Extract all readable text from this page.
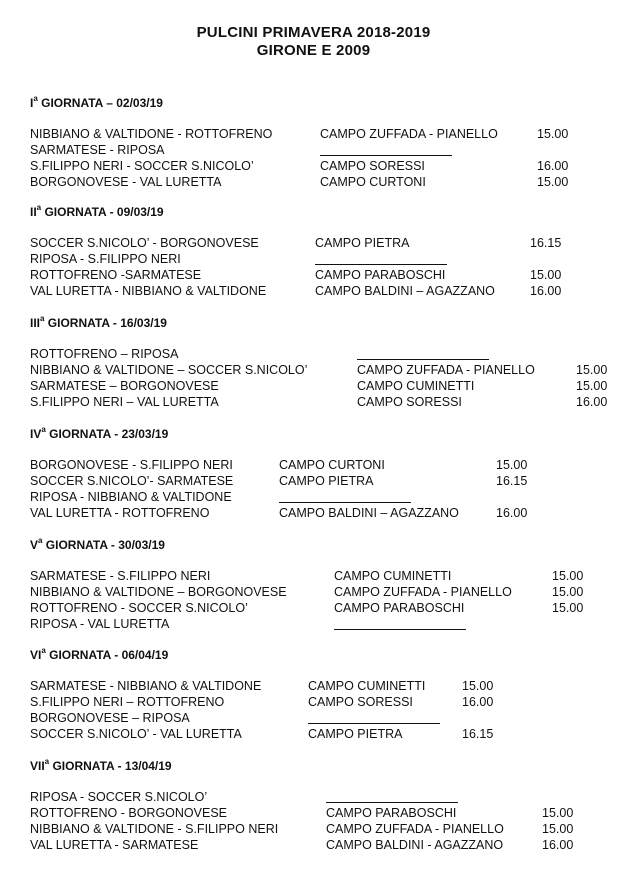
PULCINI PRIMAVERA 2018-2019
GIRONE E 2009
$I^a$ GIORNATA – 02/03/19
NIBBIANO & VALTIDONE - ROTTOFRENO	CAMPO ZUFFADA - PIANELLO	15.00
SARMATESE - RIPOSA
S.FILIPPO NERI - SOCCER S.NICOLO’	CAMPO SORESSI	16.00
BORGONOVESE - VAL LURETTA	CAMPO CURTONI	15.00
$II^a$ GIORNATA - 09/03/19
SOCCER S.NICOLO’ - BORGONOVESE	CAMPO PIETRA	16.15
RIPOSA - S.FILIPPO NERI
ROTTOFRENO -SARMATESE	CAMPO PARABOSCHI	15.00
VAL LURETTA - NIBBIANO & VALTIDONE	CAMPO BALDINI – AGAZZANO	16.00
III$^a$ GIORNATA - 16/03/19
ROTTOFRENO – RIPOSA
NIBBIANO & VALTIDONE – SOCCER S.NICOLO’	CAMPO ZUFFADA - PIANELLO	15.00
SARMATESE – BORGONOVESE	CAMPO CUMINETTI	15.00
S.FILIPPO NERI – VAL LURETTA	CAMPO SORESSI	16.00
$IV^a$ GIORNATA - 23/03/19
BORGONOVESE - S.FILIPPO NERI	CAMPO CURTONI	15.00
SOCCER S.NICOLO’- SARMATESE	CAMPO PIETRA	16.15
RIPOSA - NIBBIANO & VALTIDONE
VAL LURETTA - ROTTOFRENO	CAMPO BALDINI – AGAZZANO	16.00
$V^a$ GIORNATA - 30/03/19
SARMATESE - S.FILIPPO NERI	CAMPO CUMINETTI	15.00
NIBBIANO & VALTIDONE – BORGONOVESE	CAMPO ZUFFADA - PIANELLO	15.00
ROTTOFRENO - SOCCER S.NICOLO’	CAMPO PARABOSCHI	15.00
RIPOSA - VAL LURETTA
$VI^a$ GIORNATA - 06/04/19
SARMATESE - NIBBIANO & VALTIDONE	CAMPO CUMINETTI	15.00
S.FILIPPO NERI – ROTTOFRENO	CAMPO SORESSI	16.00
BORGONOVESE – RIPOSA
SOCCER S.NICOLO’ - VAL LURETTA	CAMPO PIETRA	16.15
VII$^a$ GIORNATA - 13/04/19
RIPOSA - SOCCER S.NICOLO’
ROTTOFRENO - BORGONOVESE	CAMPO PARABOSCHI	15.00
NIBBIANO & VALTIDONE - S.FILIPPO NERI	CAMPO ZUFFADA - PIANELLO	15.00
VAL LURETTA - SARMATESE	CAMPO BALDINI - AGAZZANO	16.00
